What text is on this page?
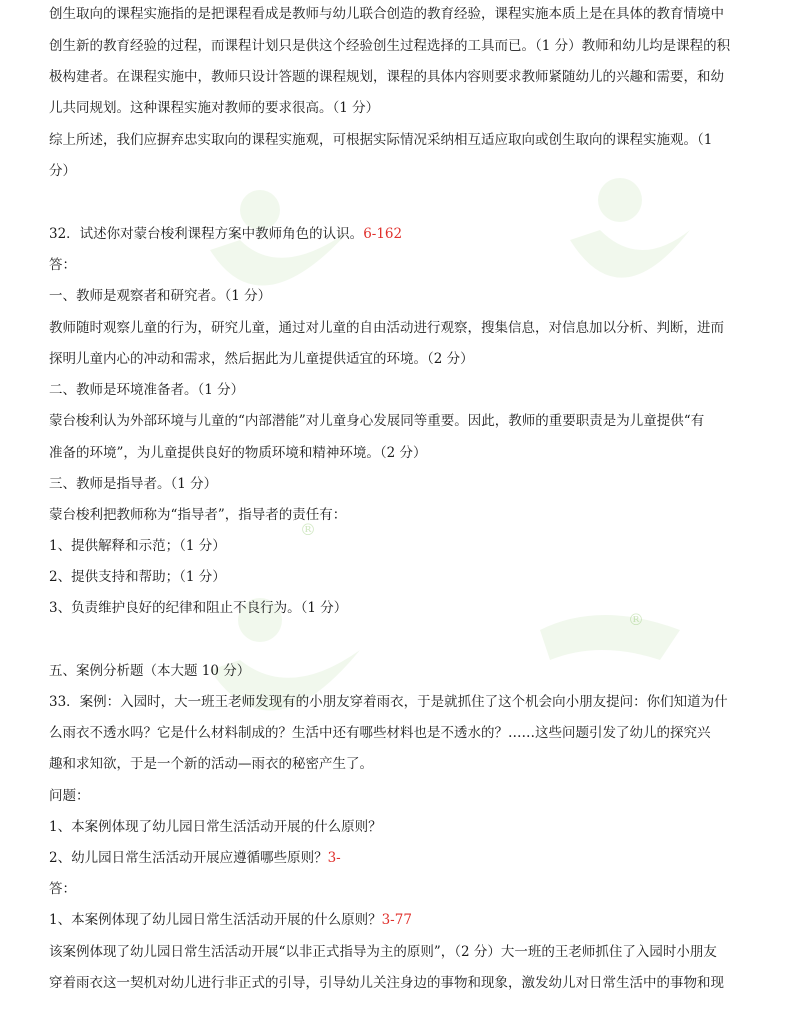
®
®
创生取向的课程实施指的是把课程看成是教师与幼儿联合创造的教育经验，课程实施本质上是在具体的教育情境中
创生新的教育经验的过程，而课程计划只是供这个经验创生过程选择的工具而已。（1 分）教师和幼儿均是课程的积
极构建者。在课程实施中，教师只设计答题的课程规划，课程的具体内容则要求教师紧随幼儿的兴趣和需要，和幼
儿共同规划。这种课程实施对教师的要求很高。（1 分）
综上所述，我们应摒弃忠实取向的课程实施观，可根据实际情况采纳相互适应取向或创生取向的课程实施观。（1
分）
32．试述你对蒙台梭利课程方案中教师角色的认识。6-162
答：
一、教师是观察者和研究者。（1 分）
教师随时观察儿童的行为，研究儿童，通过对儿童的自由活动进行观察，搜集信息，对信息加以分析、判断，进而
探明儿童内心的冲动和需求，然后据此为儿童提供适宜的环境。（2 分）
二、教师是环境准备者。（1 分）
蒙台梭利认为外部环境与儿童的“内部潜能”对儿童身心发展同等重要。因此，教师的重要职责是为儿童提供“有
准备的环境”，为儿童提供良好的物质环境和精神环境。（2 分）
三、教师是指导者。（1 分）
蒙台梭利把教师称为“指导者”，指导者的责任有：
1、提供解释和示范；（1 分）
2、提供支持和帮助；（1 分）
3、负责维护良好的纪律和阻止不良行为。（1 分）
五、案例分析题（本大题 10 分）
33．案例：入园时，大一班王老师发现有的小朋友穿着雨衣，于是就抓住了这个机会向小朋友提问：你们知道为什
么雨衣不透水吗？它是什么材料制成的？生活中还有哪些材料也是不透水的？……这些问题引发了幼儿的探究兴
趣和求知欲，于是一个新的活动—雨衣的秘密产生了。
问题：
1、本案例体现了幼儿园日常生活活动开展的什么原则？
2、幼儿园日常生活活动开展应遵循哪些原则？3-
答：
1、本案例体现了幼儿园日常生活活动开展的什么原则？3-77
该案例体现了幼儿园日常生活活动开展“以非正式指导为主的原则”，（2 分）大一班的王老师抓住了入园时小朋友
穿着雨衣这一契机对幼儿进行非正式的引导，引导幼儿关注身边的事物和现象，激发幼儿对日常生活中的事物和现
